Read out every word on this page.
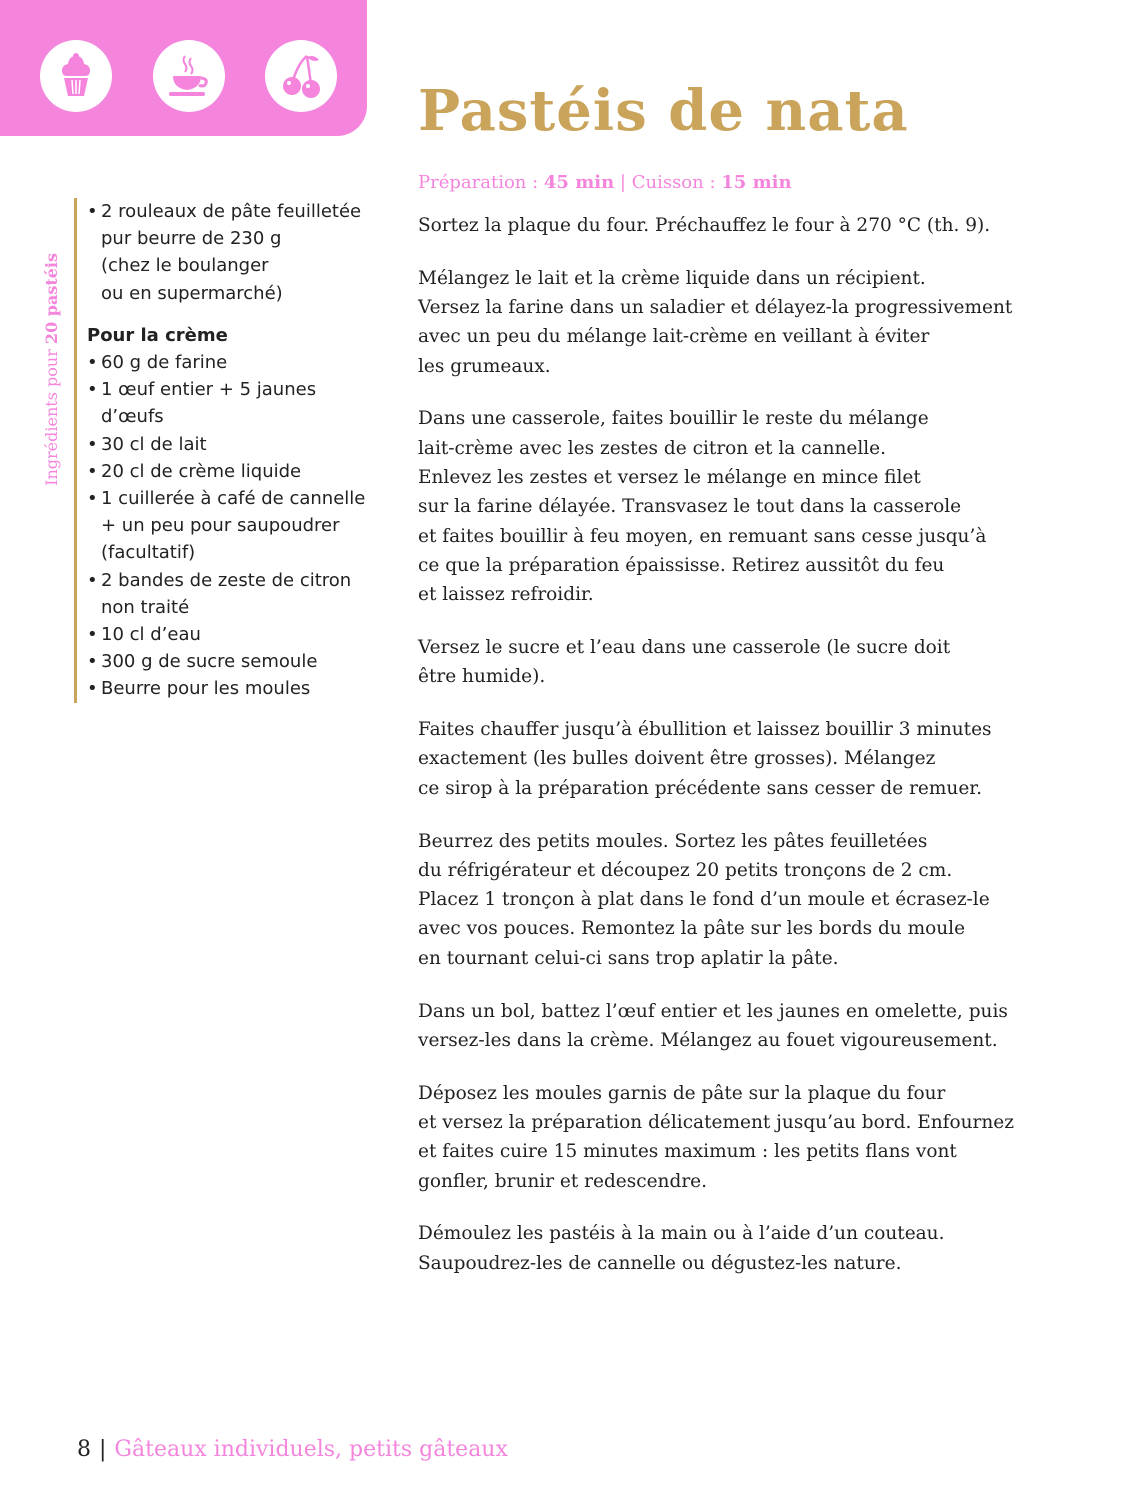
Pastéis de nata
Préparation : 45 min | Cuisson : 15 min
Ingrédients pour 20 pastéis
• 2 rouleaux de pâte feuilletée
pur beurre de 230 g
(chez le boulanger
ou en supermarché)
Pour la crème
• 60 g de farine
• 1 œuf entier + 5 jaunes d’œufs
• 30 cl de lait
• 20 cl de crème liquide
• 1 cuillerée à café de cannelle
+ un peu pour saupoudrer
(facultatif)
• 2 bandes de zeste de citron
non traité
• 10 cl d’eau
• 300 g de sucre semoule
• Beurre pour les moules

Sortez la plaque du four. Préchauffez le four à 270 °C (th. 9).

Mélangez le lait et la crème liquide dans un récipient.
Versez la farine dans un saladier et délayez-la progressivement
avec un peu du mélange lait-crème en veillant à éviter
les grumeaux.

Dans une casserole, faites bouillir le reste du mélange
lait-crème avec les zestes de citron et la cannelle.
Enlevez les zestes et versez le mélange en mince filet
sur la farine délayée. Transvasez le tout dans la casserole
et faites bouillir à feu moyen, en remuant sans cesse jusqu’à
ce que la préparation épaississe. Retirez aussitôt du feu
et laissez refroidir.

Versez le sucre et l’eau dans une casserole (le sucre doit
être humide).

Faites chauffer jusqu’à ébullition et laissez bouillir 3 minutes
exactement (les bulles doivent être grosses). Mélangez
ce sirop à la préparation précédente sans cesser de remuer.

Beurrez des petits moules. Sortez les pâtes feuilletées
du réfrigérateur et découpez 20 petits tronçons de 2 cm.
Placez 1 tronçon à plat dans le fond d’un moule et écrasez-le
avec vos pouces. Remontez la pâte sur les bords du moule
en tournant celui-ci sans trop aplatir la pâte.

Dans un bol, battez l’œuf entier et les jaunes en omelette, puis
versez-les dans la crème. Mélangez au fouet vigoureusement.

Déposez les moules garnis de pâte sur la plaque du four
et versez la préparation délicatement jusqu’au bord. Enfournez
et faites cuire 15 minutes maximum : les petits flans vont
gonfler, brunir et redescendre.

Démoulez les pastéis à la main ou à l’aide d’un couteau.
Saupoudrez-les de cannelle ou dégustez-les nature.

8 | Gâteaux individuels, petits gâteaux
